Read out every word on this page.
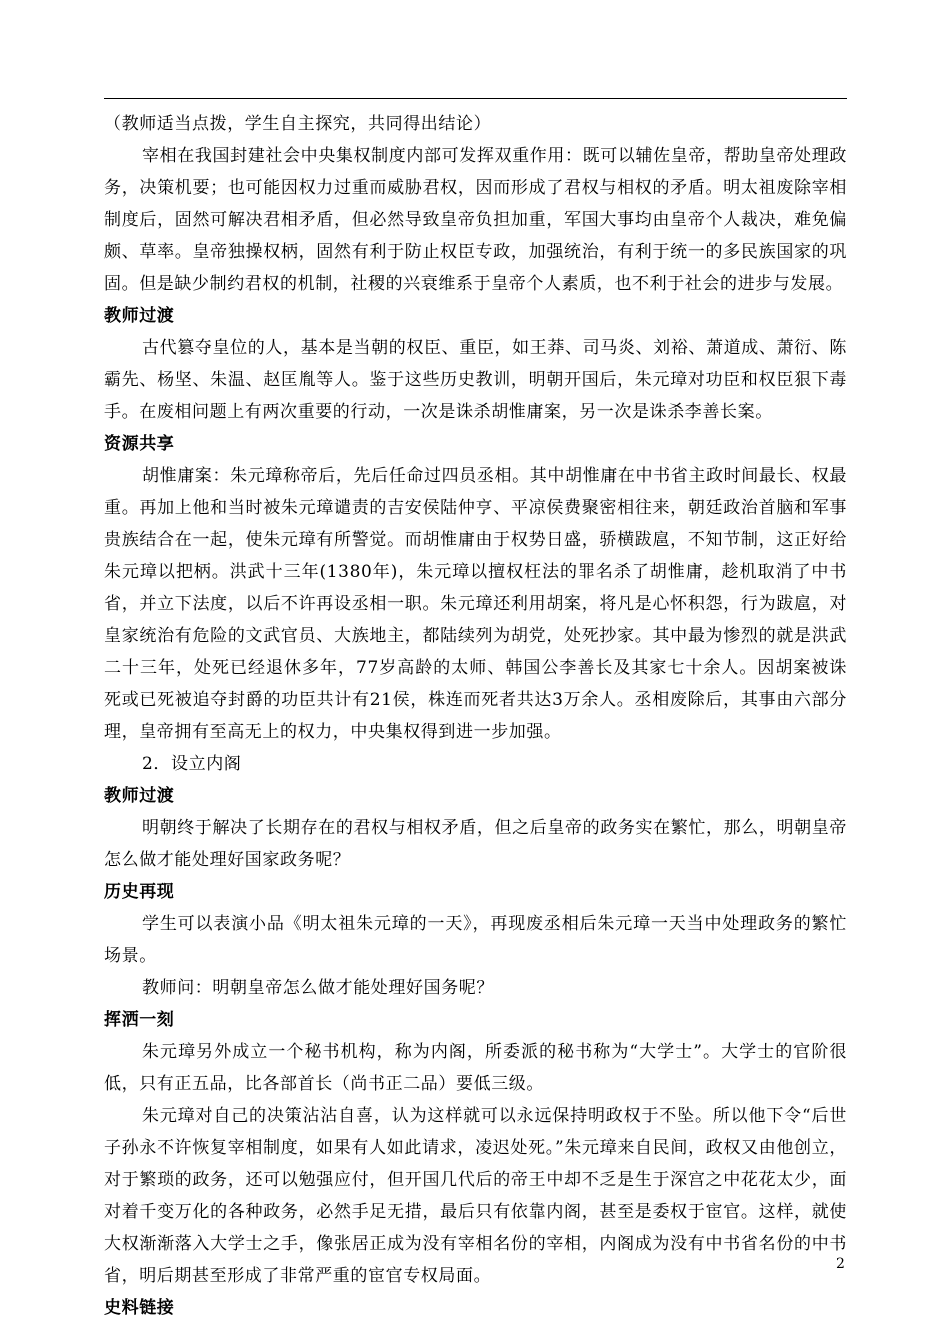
（教师适当点拨，学生自主探究，共同得出结论）

宰相在我国封建社会中央集权制度内部可发挥双重作用：既可以辅佐皇帝，帮助皇帝处理政务，决策机要；也可能因权力过重而威胁君权，因而形成了君权与相权的矛盾。明太祖废除宰相制度后，固然可解决君相矛盾，但必然导致皇帝负担加重，军国大事均由皇帝个人裁决，难免偏颇、草率。皇帝独操权柄，固然有利于防止权臣专政，加强统治，有利于统一的多民族国家的巩固。但是缺少制约君权的机制，社稷的兴衰维系于皇帝个人素质，也不利于社会的进步与发展。

教师过渡

古代篡夺皇位的人，基本是当朝的权臣、重臣，如王莽、司马炎、刘裕、萧道成、萧衍、陈霸先、杨坚、朱温、赵匡胤等人。鉴于这些历史教训，明朝开国后，朱元璋对功臣和权臣狠下毒手。在废相问题上有两次重要的行动，一次是诛杀胡惟庸案，另一次是诛杀李善长案。

资源共享

胡惟庸案：朱元璋称帝后，先后任命过四员丞相。其中胡惟庸在中书省主政时间最长、权最重。再加上他和当时被朱元璋谴责的吉安侯陆仲亨、平凉侯费聚密相往来，朝廷政治首脑和军事贵族结合在一起，使朱元璋有所警觉。而胡惟庸由于权势日盛，骄横跋扈，不知节制，这正好给朱元璋以把柄。洪武十三年(1380年)，朱元璋以擅权枉法的罪名杀了胡惟庸，趁机取消了中书省，并立下法度，以后不许再设丞相一职。朱元璋还利用胡案，将凡是心怀积怨，行为跋扈，对皇家统治有危险的文武官员、大族地主，都陆续列为胡党，处死抄家。其中最为惨烈的就是洪武二十三年，处死已经退休多年，77岁高龄的太师、韩国公李善长及其家七十余人。因胡案被诛死或已死被追夺封爵的功臣共计有21侯，株连而死者共达3万余人。丞相废除后，其事由六部分理，皇帝拥有至高无上的权力，中央集权得到进一步加强。

2．设立内阁

教师过渡

明朝终于解决了长期存在的君权与相权矛盾，但之后皇帝的政务实在繁忙，那么，明朝皇帝怎么做才能处理好国家政务呢？

历史再现

学生可以表演小品《明太祖朱元璋的一天》，再现废丞相后朱元璋一天当中处理政务的繁忙场景。

教师问：明朝皇帝怎么做才能处理好国务呢？

挥洒一刻

朱元璋另外成立一个秘书机构，称为内阁，所委派的秘书称为“大学士”。大学士的官阶很低，只有正五品，比各部首长（尚书正二品）要低三级。

朱元璋对自己的决策沾沾自喜，认为这样就可以永远保持明政权于不坠。所以他下令“后世子孙永不许恢复宰相制度，如果有人如此请求，凌迟处死。”朱元璋来自民间，政权又由他创立，对于繁琐的政务，还可以勉强应付，但开国几代后的帝王中却不乏是生于深宫之中花花太少，面对着千变万化的各种政务，必然手足无措，最后只有依靠内阁，甚至是委权于宦官。这样，就使大权渐渐落入大学士之手，像张居正成为没有宰相名份的宰相，内阁成为没有中书省名份的中书省，明后期甚至形成了非常严重的宦官专权局面。

史料链接

2
